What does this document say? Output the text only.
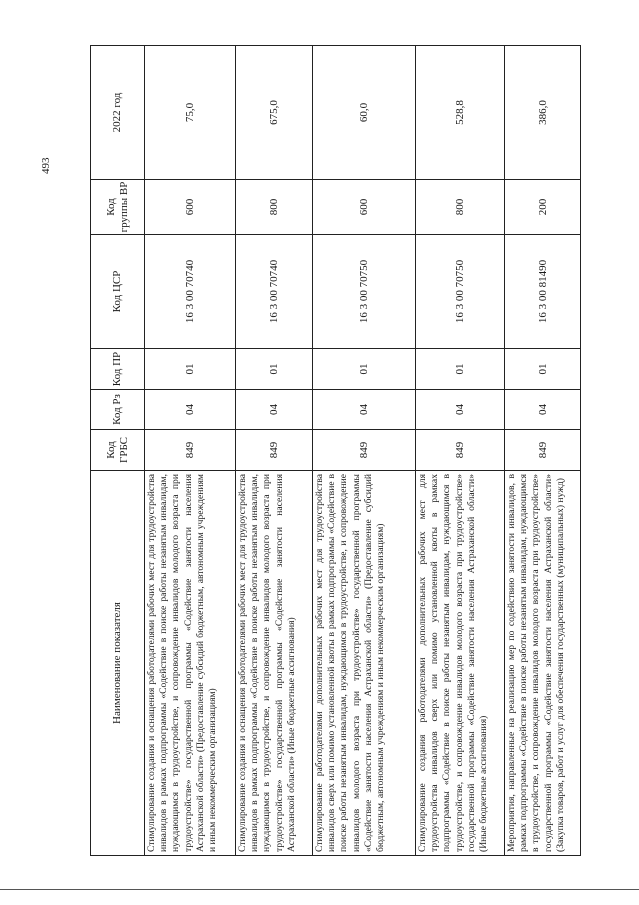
493
Наименование показателя	Код ГРБС	Код Рз	Код ПР	Код ЦСР	Код группы ВР	2022 год
Стимулирование создания и оснащения работодателями рабочих мест для трудоустройства инвалидов в рамках подпрограммы «Содействие в поиске работы незанятым инвалидам, нуждающимся в трудоустройстве, и сопровождение инвалидов молодого возраста при трудоустройстве» государственной программы «Содействие занятости населения Астраханской области» (Предоставление субсидий бюджетным, автономным учреждениям и иным некоммерческим организациям)	849	04	01	16 3 00 70740	600	75,0
Стимулирование создания и оснащения работодателями рабочих мест для трудоустройства инвалидов в рамках подпрограммы «Содействие в поиске работы незанятым инвалидам, нуждающимся в трудоустройстве, и сопровождение инвалидов молодого возраста при трудоустройстве» государственной программы «Содействие занятости населения Астраханской области» (Иные бюджетные ассигнования)	849	04	01	16 3 00 70740	800	675,0
Стимулирование работодателями дополнительных рабочих мест для трудоустройства инвалидов сверх или помимо установленной квоты в рамках подпрограммы «Содействие в поиске работы незанятым инвалидам, нуждающимся в трудоустройстве, и сопровождение инвалидов молодого возраста при трудоустройстве» государственной программы «Содействие занятости населения Астраханской области» (Предоставление субсидий бюджетным, автономным учреждениям и иным некоммерческим организациям)	849	04	01	16 3 00 70750	600	60,0
Стимулирование создания работодателями дополнительных рабочих мест для трудоустройства инвалидов сверх или помимо установленной квоты в рамках подпрограммы «Содействие в поиске работы незанятым инвалидам, нуждающимся в трудоустройстве, и сопровождение инвалидов молодого возраста при трудоустройстве» государственной программы «Содействие занятости населения Астраханской области» (Иные бюджетные ассигнования)	849	04	01	16 3 00 70750	800	528,8
Мероприятия, направленные на реализацию мер по содействию занятости инвалидов, в рамках подпрограммы «Содействие в поиске работы незанятым инвалидам, нуждающимся в трудоустройстве, и сопровождение инвалидов молодого возраста при трудоустройстве» государственной программы «Содействие занятости населения Астраханской области» (Закупка товаров, работ и услуг для обеспечения государственных (муниципальных) нужд)	849	04	01	16 3 00 81490	200	386,0
